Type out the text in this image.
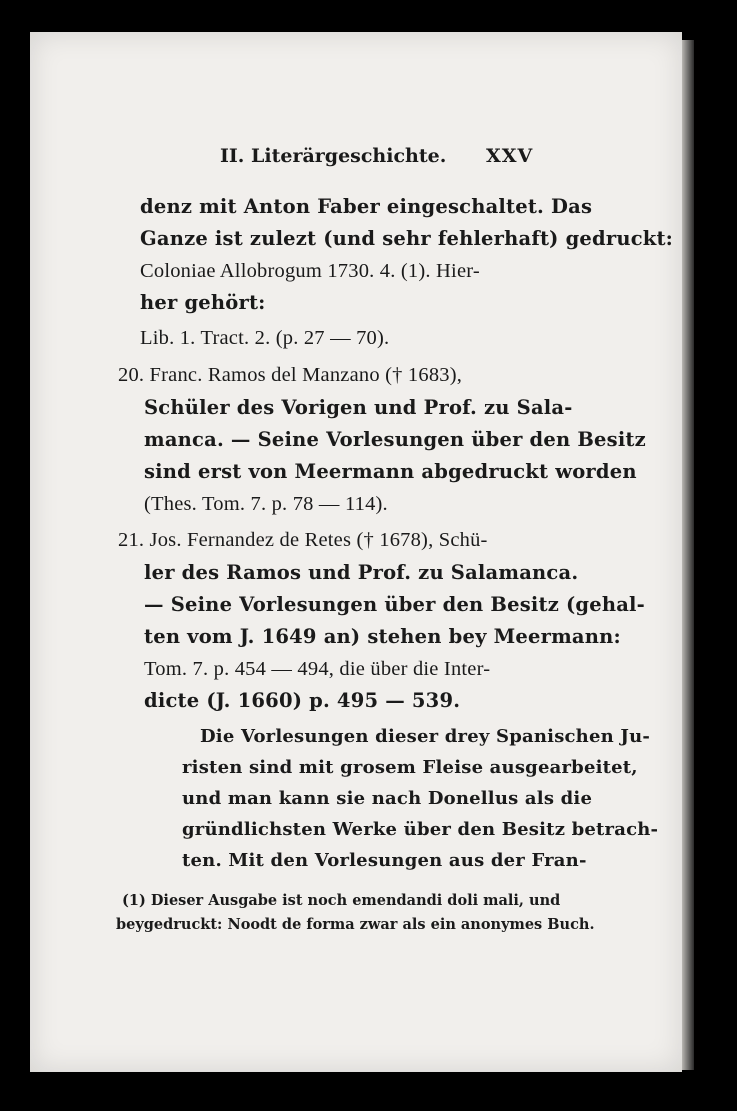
II. Literärgeschichte. XXV
denz mit Anton Faber eingeschaltet. Das
Ganze ist zulezt (und sehr fehlerhaft) gedruckt:
Coloniae Allobrogum 1730. 4. (1). Hier-
her gehört:
Lib. 1. Tract. 2. (p. 27 — 70).
20. Franc. Ramos del Manzano († 1683),
Schüler des Vorigen und Prof. zu Sala-
manca. — Seine Vorlesungen über den Besitz
sind erst von Meermann abgedruckt worden
(Thes. Tom. 7. p. 78 — 114).
21. Jos. Fernandez de Retes († 1678), Schü-
ler des Ramos und Prof. zu Salamanca.
— Seine Vorlesungen über den Besitz (gehal-
ten vom J. 1649 an) stehen bey Meermann:
Tom. 7. p. 454 — 494, die über die Inter-
dicte (J. 1660) p. 495 — 539.
Die Vorlesungen dieser drey Spanischen Ju-
risten sind mit grosem Fleise ausgearbeitet,
und man kann sie nach Donellus als die
gründlichsten Werke über den Besitz betrach-
ten. Mit den Vorlesungen aus der Fran-
(1) Dieser Ausgabe ist noch emendandi doli mali, und
beygedruckt: Noodt de forma zwar als ein anonymes Buch.
